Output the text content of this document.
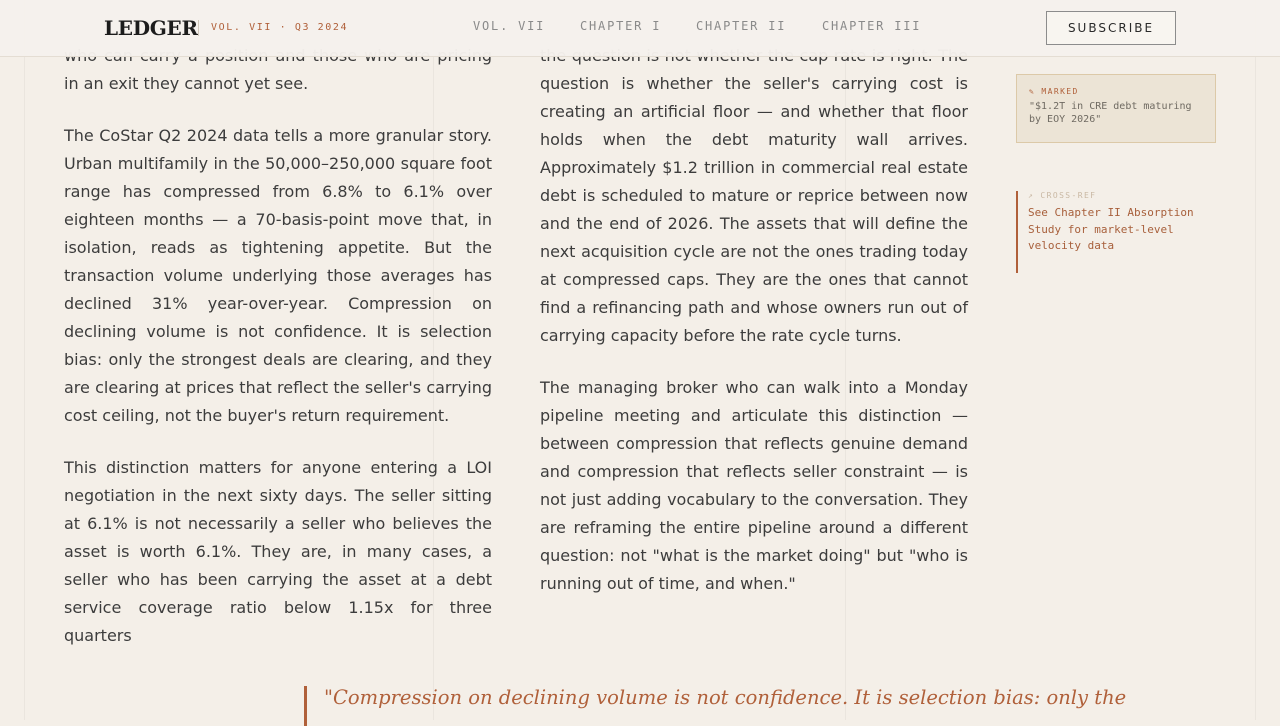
in an exit they cannot yet see.

The CoStar Q2 2024 data tells a more granular story. Urban multifamily in the 50,000–250,000 square foot range has compressed from 6.8% to 6.1% over eighteen months — a 70-basis-point move that, in isolation, reads as tightening appetite. But the transaction volume underlying those averages has declined 31% year-over-year. Compression on declining volume is not confidence. It is selection bias: only the strongest deals are clearing, and they are clearing at prices that reflect the seller's carrying cost ceiling, not the buyer's return requirement.

This distinction matters for anyone entering a LOI negotiation in the next sixty days. The seller sitting at 6.1% is not necessarily a seller who believes the asset is worth 6.1%. They are, in many cases, a seller who has been carrying the asset at a debt service coverage ratio below 1.15x for three quarters

question is whether the seller's carrying cost is creating an artificial floor — and whether that floor holds when the debt maturity wall arrives. Approximately $1.2 trillion in commercial real estate debt is scheduled to mature or reprice between now and the end of 2026. The assets that will define the next acquisition cycle are not the ones trading today at compressed caps. They are the ones that cannot find a refinancing path and whose owners run out of carrying capacity before the rate cycle turns.

The managing broker who can walk into a Monday pipeline meeting and articulate this distinction — between compression that reflects genuine demand and compression that reflects seller constraint — is not just adding vocabulary to the conversation. They are reframing the entire pipeline around a different question: not "what is the market doing" but "who is running out of time, and when."

✎ MARKED
"$1.2T in CRE debt maturing by EOY 2026"
↗ CROSS-REF
See Chapter II Absorption Study for market-level velocity data
"Compression on declining volume is not confidence. It is selection bias: only the
LEDGER VOL. VII · Q3 2024	VOL. VII	CHAPTER I	CHAPTER II	CHAPTER III	SUBSCRIBE
